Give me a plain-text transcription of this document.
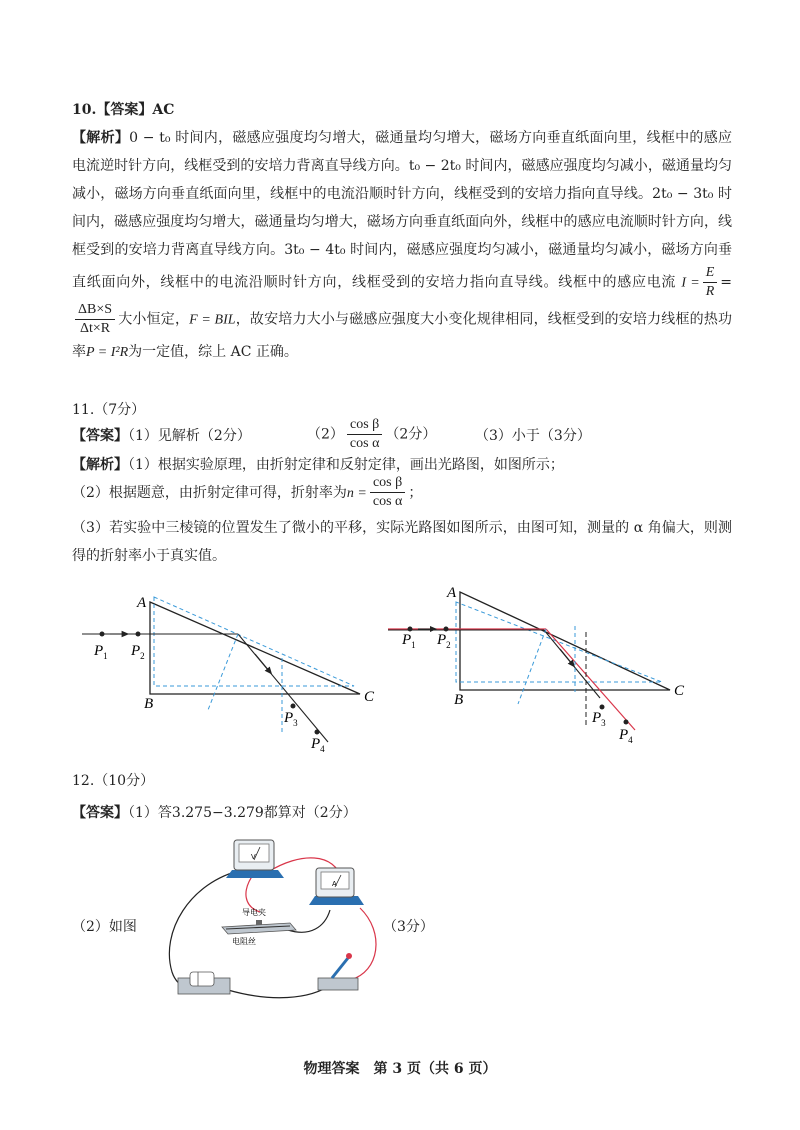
10.【答案】AC

【解析】0 − t₀ 时间内，磁感应强度均匀增大，磁通量均匀增大，磁场方向垂直纸面向里，线框中的感应电流逆时针方向，线框受到的安培力背离直导线方向。t₀ − 2t₀ 时间内，磁感应强度均匀减小，磁通量均匀减小，磁场方向垂直纸面向里，线框中的电流沿顺时针方向，线框受到的安培力指向直导线。2t₀ − 3t₀ 时间内，磁感应强度均匀增大，磁通量均匀增大，磁场方向垂直纸面向外，线框中的感应电流顺时针方向，线框受到的安培力背离直导线方向。3t₀ − 4t₀ 时间内，磁感应强度均匀减小，磁通量均匀减小，磁场方向垂直纸面向外，线框中的电流沿顺时针方向，线框受到的安培力指向直导线。线框中的感应电流 $I = \frac{E}{R}$ =
$\frac{\Delta B\times S}{\Delta t\times R}$ 大小恒定，F = BIL，故安培力大小与磁感应强度大小变化规律相同，线框受到的安培力线框的热功率P = I²R为一定值，综上 AC 正确。

11.（7分）
【答案】（1）见解析（2分）	$(2) \frac{\text{cos β}}{\text{cos α}} (2$分）	（3）小于（3分）
【解析】（1）根据实验原理，由折射定律和反射定律，画出光路图，如图所示；
（2）根据题意，由折射定律可得，折射率为$n = \frac{\text{cos β}}{\text{cos α}}$ ；

（3）若实验中三棱镜的位置发生了微小的平移，实际光路图如图所示，由图可知，测量的 α 角偏大，则测得的折射率小于真实值。

A
B	C
$P_1$ $P_2$
$P_3$
$P_4$
A
B
C
$P_1$ $P_2$
$P_3$
$P_4$
12.（10分）
【答案】（1）答3.275−3.279都算对（2分）
（2）如图	（3分）
V
A
导电夹
电阻丝
物理答案　第 3 页（共 6 页）
